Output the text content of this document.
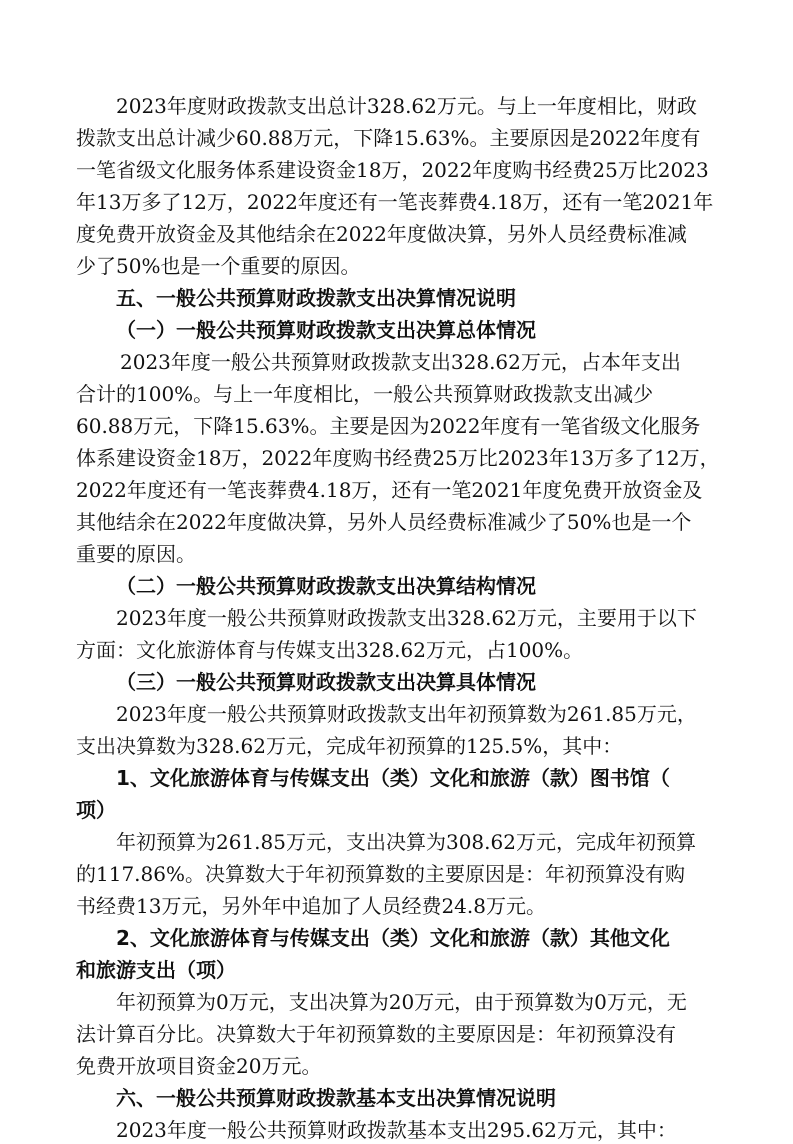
2023年度财政拨款支出总计328.62万元。与上一年度相比，财政
拨款支出总计减少60.88万元，下降15.63%。主要原因是2022年度有
一笔省级文化服务体系建设资金18万，2022年度购书经费25万比2023
年13万多了12万，2022年度还有一笔丧葬费4.18万，还有一笔2021年
度免费开放资金及其他结余在2022年度做决算，另外人员经费标准减
少了50%也是一个重要的原因。
五、一般公共预算财政拨款支出决算情况说明
（一）一般公共预算财政拨款支出决算总体情况
2023年度一般公共预算财政拨款支出328.62万元，占本年支出
合计的100%。与上一年度相比，一般公共预算财政拨款支出减少
60.88万元，下降15.63%。主要是因为2022年度有一笔省级文化服务
体系建设资金18万，2022年度购书经费25万比2023年13万多了12万，
2022年度还有一笔丧葬费4.18万，还有一笔2021年度免费开放资金及
其他结余在2022年度做决算，另外人员经费标准减少了50%也是一个
重要的原因。
（二）一般公共预算财政拨款支出决算结构情况
2023年度一般公共预算财政拨款支出328.62万元，主要用于以下
方面：文化旅游体育与传媒支出328.62万元，占100%。
（三）一般公共预算财政拨款支出决算具体情况
2023年度一般公共预算财政拨款支出年初预算数为261.85万元，
支出决算数为328.62万元，完成年初预算的125.5%，其中：
1、文化旅游体育与传媒支出（类）文化和旅游（款）图书馆（
项）
年初预算为261.85万元，支出决算为308.62万元，完成年初预算
的117.86%。决算数大于年初预算数的主要原因是：年初预算没有购
书经费13万元，另外年中追加了人员经费24.8万元。
2、文化旅游体育与传媒支出（类）文化和旅游（款）其他文化
和旅游支出（项）
年初预算为0万元，支出决算为20万元，由于预算数为0万元，无
法计算百分比。决算数大于年初预算数的主要原因是：年初预算没有
免费开放项目资金20万元。
六、一般公共预算财政拨款基本支出决算情况说明
2023年度一般公共预算财政拨款基本支出295.62万元，其中：
